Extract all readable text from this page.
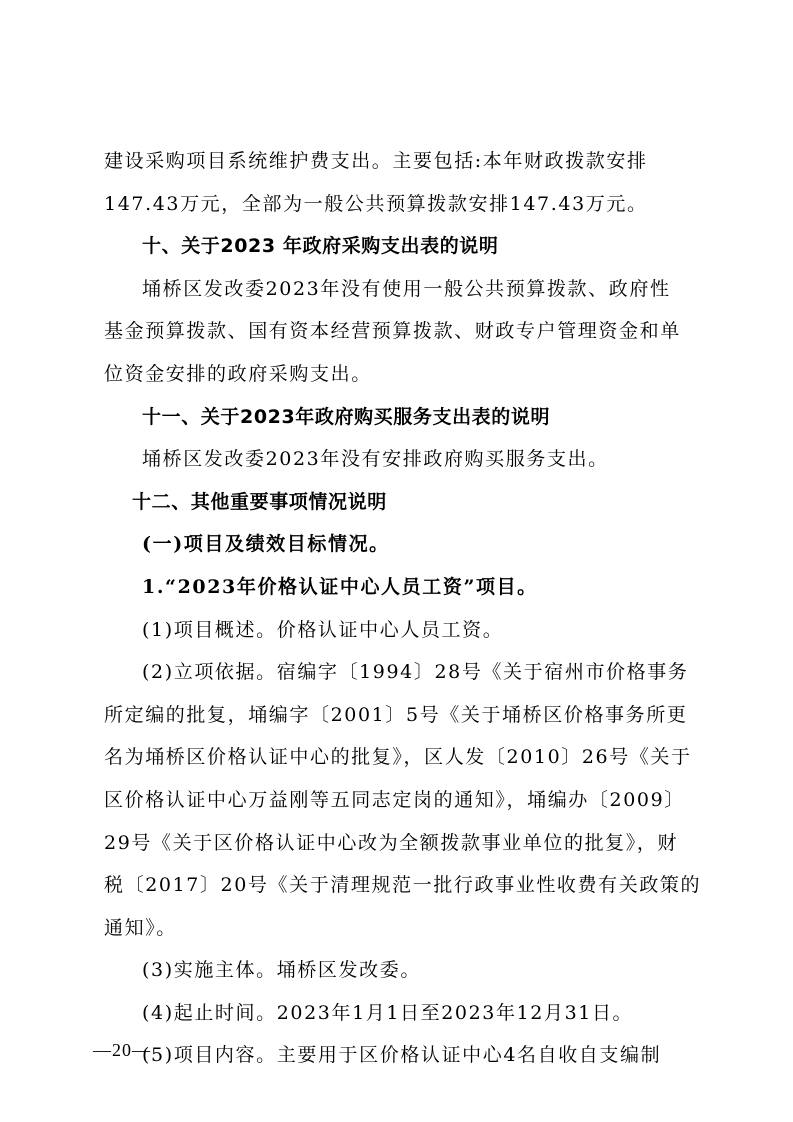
建设采购项目系统维护费支出。主要包括:本年财政拨款安排
147.43万元，全部为一般公共预算拨款安排147.43万元。
十、关于2023 年政府采购支出表的说明
埇桥区发改委2023年没有使用一般公共预算拨款、政府性
基金预算拨款、国有资本经营预算拨款、财政专户管理资金和单
位资金安排的政府采购支出。
十一、关于2023年政府购买服务支出表的说明
埇桥区发改委2023年没有安排政府购买服务支出。
十二、其他重要事项情况说明
(一)项目及绩效目标情况。
1.“2023年价格认证中心人员工资”项目。
(1)项目概述。价格认证中心人员工资。
(2)立项依据。宿编字〔1994〕28号《关于宿州市价格事务
所定编的批复，埇编字〔2001〕5号《关于埇桥区价格事务所更
名为埇桥区价格认证中心的批复》，区人发〔2010〕26号《关于
区价格认证中心万益刚等五同志定岗的通知》，埇编办〔2009〕
29号《关于区价格认证中心改为全额拨款事业单位的批复》，财
税〔2017〕20号《关于清理规范一批行政事业性收费有关政策的
通知》。
(3)实施主体。埇桥区发改委。
(4)起止时间。2023年1月1日至2023年12月31日。
(5)项目内容。主要用于区价格认证中心4名自收自支编制
—20—
